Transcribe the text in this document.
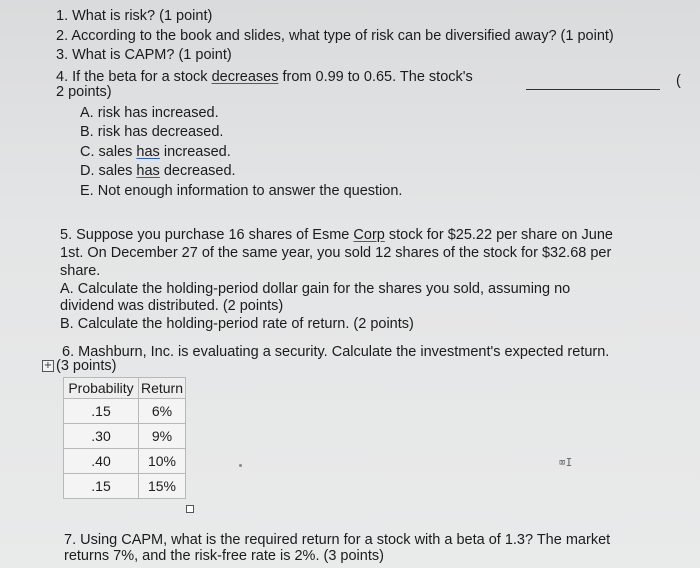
1. What is risk? (1 point)
2. According to the book and slides, what type of risk can be diversified away? (1 point)
3. What is CAPM? (1 point)
4. If the beta for a stock decreases from 0.99 to 0.65. The stock's	(
2 points)
A. risk has increased.
B. risk has decreased.
C. sales has increased.
D. sales has decreased.
E. Not enough information to answer the question.
5. Suppose you purchase 16 shares of Esme Corp stock for $25.22 per share on June
1st. On December 27 of the same year, you sold 12 shares of the stock for $32.68 per
share.
A. Calculate the holding-period dollar gain for the shares you sold, assuming no
dividend was distributed. (2 points)
B. Calculate the holding-period rate of return. (2 points)
6. Mashburn, Inc. is evaluating a security. Calculate the investment's expected return.
+ (3 points)
Probability	Return
.15	6%
.30	9%
.40	10%
.15	15%
⌧I
7. Using CAPM, what is the required return for a stock with a beta of 1.3? The market
returns 7%, and the risk-free rate is 2%. (3 points)
